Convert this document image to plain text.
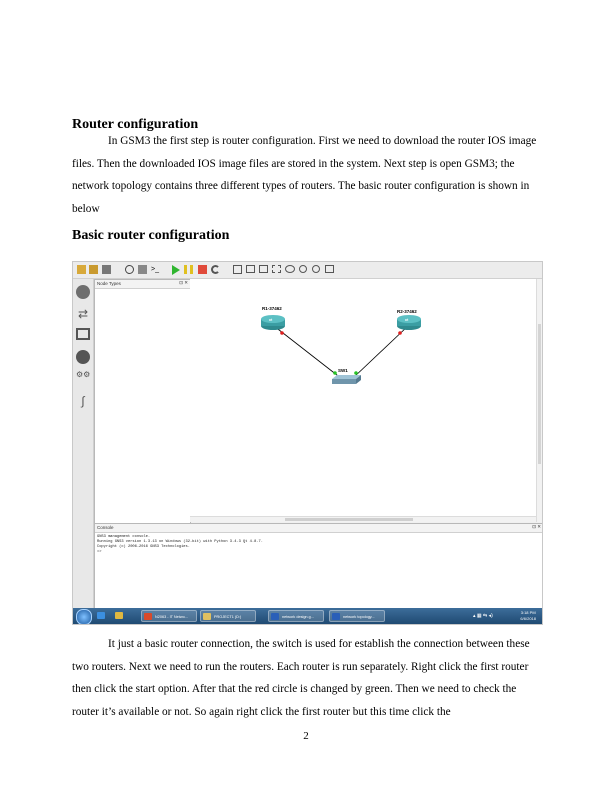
Router configuration
In GSM3 the first step is router configuration. First we need to download the router IOS image files. Then the downloaded IOS image files are stored in the system. Next step is open GSM3; the network topology contains three different types of routers. The basic router configuration is shown in below
Basic router configuration
>_
⇄
⚙⚙
∫
Node Types	⊡ ✕
⇄
R1-37462
⇄
R2-37462
SW1
Console	⊡ ✕
GNS3 management console.
Running GNS3 version 1.3.13 on Windows (32-bit) with Python 3.4.3 Qt 4.8.7.
Copyright (c) 2006-2016 GNS3 Technologies.
=>
N2063 - IT Netwo...	PROJECT1 (D:)	network design.g...	network topology...	▴ ▦ ⇆ ◂)
3:18 PM
6/6/2018
It just a basic router connection, the switch is used for establish the connection between these two routers. Next we need to run the routers. Each router is run separately. Right click the first router then click the start option. After that the red circle is changed by green. Then we need to check the router it’s available or not. So again right click the first router but this time click the
2
